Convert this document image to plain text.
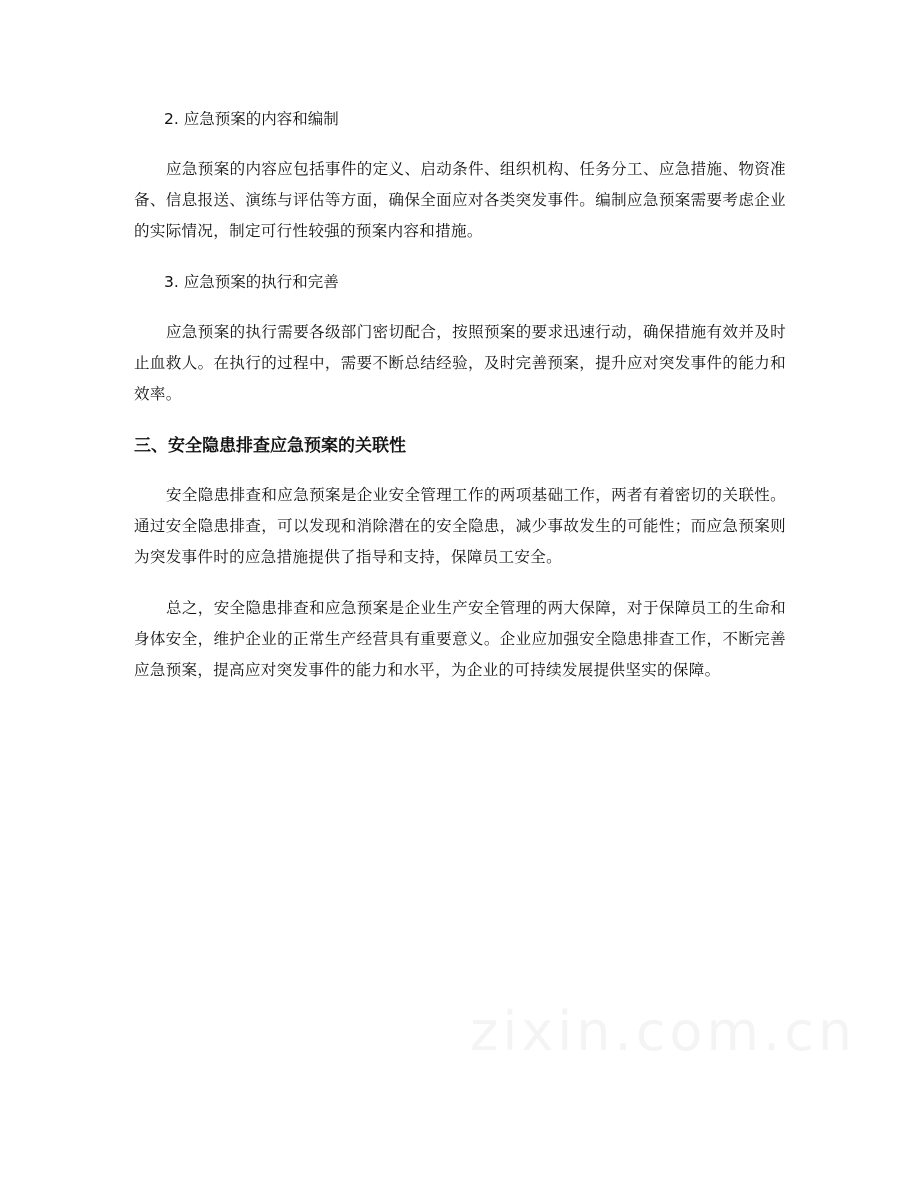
2. 应急预案的内容和编制

应急预案的内容应包括事件的定义、启动条件、组织机构、任务分工、应急措施、物资准备、信息报送、演练与评估等方面，确保全面应对各类突发事件。编制应急预案需要考虑企业的实际情况，制定可行性较强的预案内容和措施。

3. 应急预案的执行和完善

应急预案的执行需要各级部门密切配合，按照预案的要求迅速行动，确保措施有效并及时止血救人。在执行的过程中，需要不断总结经验，及时完善预案，提升应对突发事件的能力和效率。

三、安全隐患排查应急预案的关联性

安全隐患排查和应急预案是企业安全管理工作的两项基础工作，两者有着密切的关联性。通过安全隐患排查，可以发现和消除潜在的安全隐患，减少事故发生的可能性；而应急预案则为突发事件时的应急措施提供了指导和支持，保障员工安全。

总之，安全隐患排查和应急预案是企业生产安全管理的两大保障，对于保障员工的生命和身体安全，维护企业的正常生产经营具有重要意义。企业应加强安全隐患排查工作，不断完善应急预案，提高应对突发事件的能力和水平，为企业的可持续发展提供坚实的保障。
